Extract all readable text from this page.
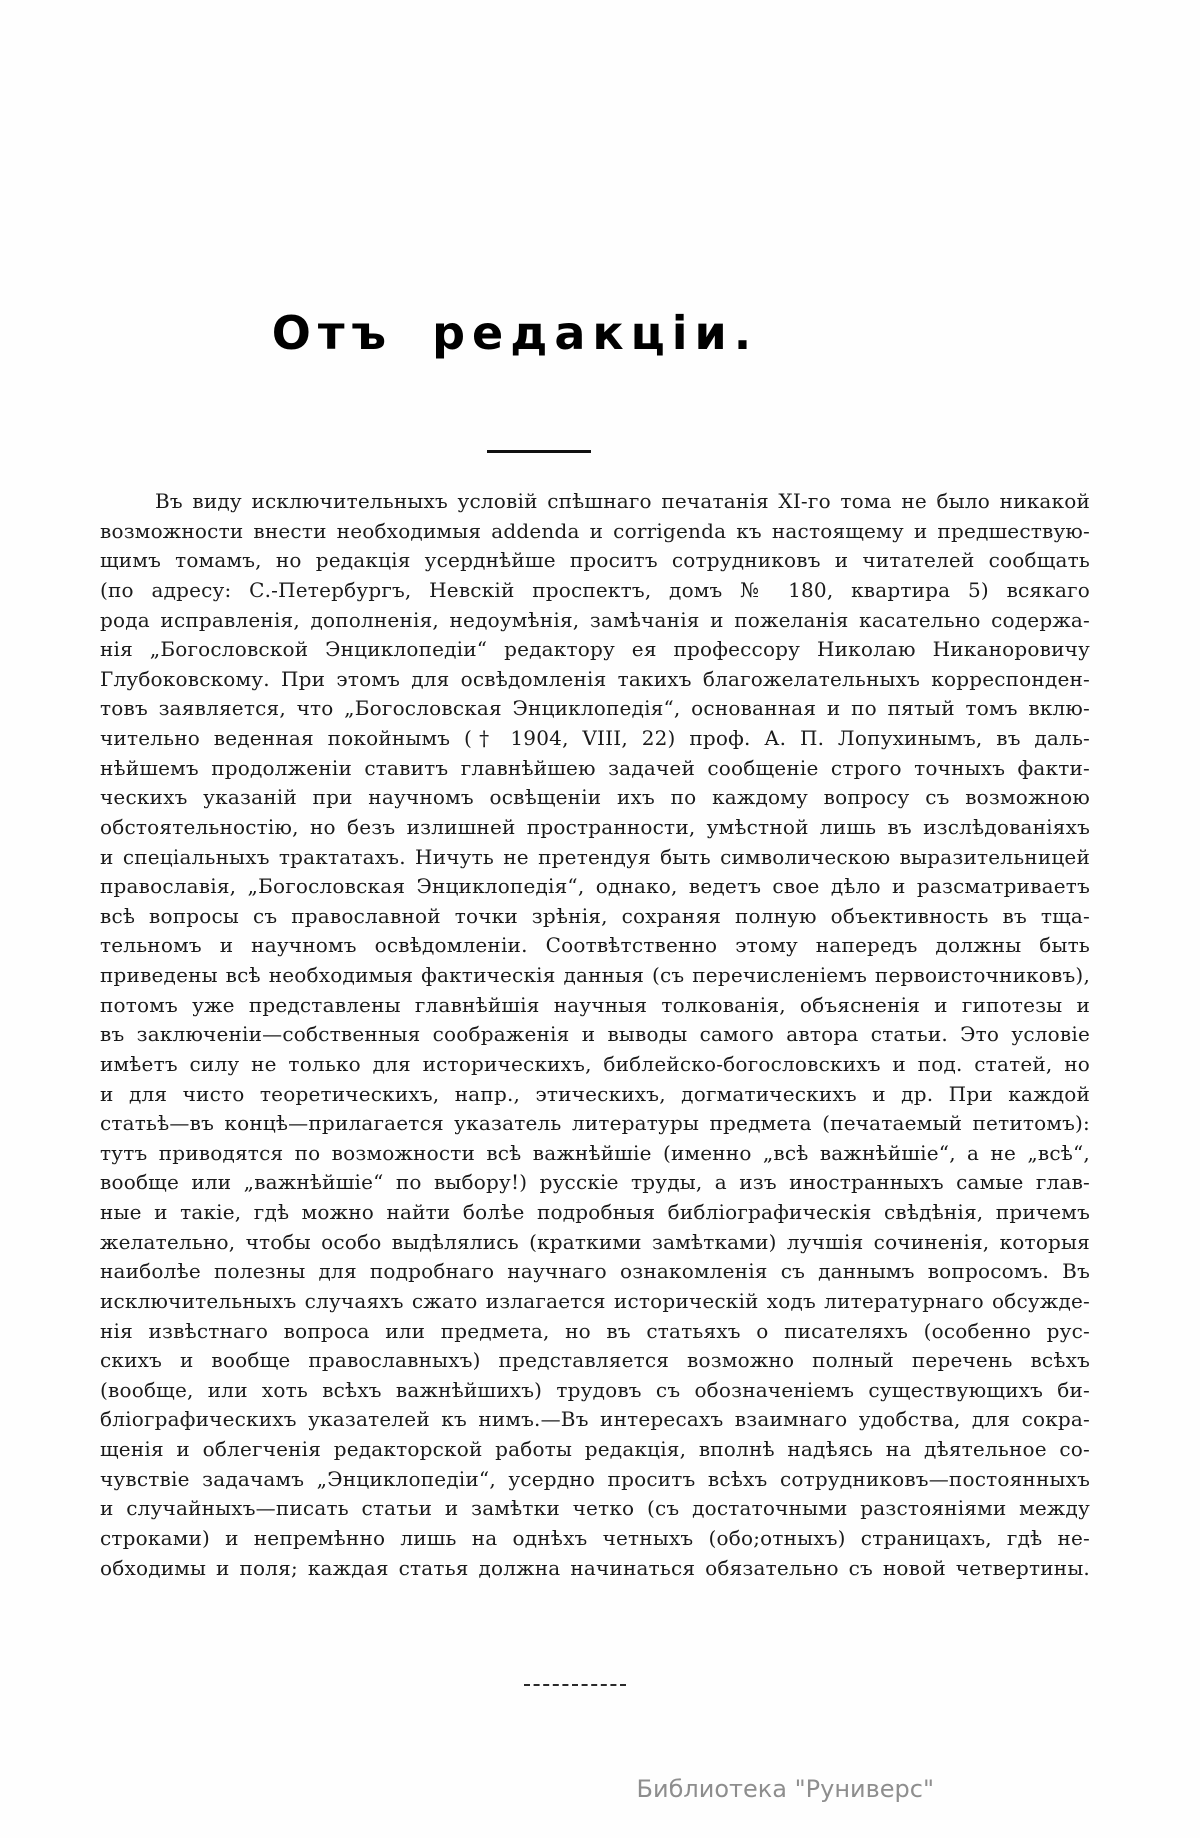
Отъ редакціи.
Въ виду исключительныхъ условій спѣшнаго печатанія XI-го тома не было никакой
возможности внести необходимыя addenda и corrigenda къ настоящему и предшествую-
щимъ томамъ, но редакція усерднѣйше проситъ сотрудниковъ и читателей сообщать
(по адресу: С.-Петербургъ, Невскій проспектъ, домъ № 180, квартира 5) всякаго
рода исправленія, дополненія, недоумѣнія, замѣчанія и пожеланія касательно содержа-
нія „Богословской Энциклопедіи“ редактору ея профессору Николаю Никаноровичу
Глубоковскому. При этомъ для освѣдомленія такихъ благожелательныхъ корреспонден-
товъ заявляется, что „Богословская Энциклопедія“, основанная и по пятый томъ вклю-
чительно веденная покойнымъ († 1904, VIII, 22) проф. А. П. Лопухинымъ, въ даль-
нѣйшемъ продолженіи ставитъ главнѣйшею задачей сообщеніе строго точныхъ факти-
ческихъ указаній при научномъ освѣщеніи ихъ по каждому вопросу съ возможною
обстоятельностію, но безъ излишней пространности, умѣстной лишь въ изслѣдованіяхъ
и спеціальныхъ трактатахъ. Ничуть не претендуя быть символическою выразительницей
православія, „Богословская Энциклопедія“, однако, ведетъ свое дѣло и разсматриваетъ
всѣ вопросы съ православной точки зрѣнія, сохраняя полную объективность въ тща-
тельномъ и научномъ освѣдомленіи. Соотвѣтственно этому напередъ должны быть
приведены всѣ необходимыя фактическія данныя (съ перечисленіемъ первоисточниковъ),
потомъ уже представлены главнѣйшія научныя толкованія, объясненія и гипотезы и
въ заключеніи—собственныя соображенія и выводы самого автора статьи. Это условіе
имѣетъ силу не только для историческихъ, библейско-богословскихъ и под. статей, но
и для чисто теоретическихъ, напр., этическихъ, догматическихъ и др. При каждой
статьѣ—въ концѣ—прилагается указатель литературы предмета (печатаемый петитомъ):
тутъ приводятся по возможности всѣ важнѣйшіе (именно „всѣ важнѣйшіе“, а не „всѣ“,
вообще или „важнѣйшіе“ по выбору!) русскіе труды, а изъ иностранныхъ самые глав-
ные и такіе, гдѣ можно найти болѣе подробныя библіографическія свѣдѣнія, причемъ
желательно, чтобы особо выдѣлялись (краткими замѣтками) лучшія сочиненія, которыя
наиболѣе полезны для подробнаго научнаго ознакомленія съ даннымъ вопросомъ. Въ
исключительныхъ случаяхъ сжато излагается историческій ходъ литературнаго обсужде-
нія извѣстнаго вопроса или предмета, но въ статьяхъ о писателяхъ (особенно рус-
скихъ и вообще православныхъ) представляется возможно полный перечень всѣхъ
(вообще, или хоть всѣхъ важнѣйшихъ) трудовъ съ обозначеніемъ существующихъ би-
бліографическихъ указателей къ нимъ.—Въ интересахъ взаимнаго удобства, для сокра-
щенія и облегченія редакторской работы редакція, вполнѣ надѣясь на дѣятельное со-
чувствіе задачамъ „Энциклопедіи“, усердно проситъ всѣхъ сотрудниковъ—постоянныхъ
и случайныхъ—писать статьи и замѣтки четко (съ достаточными разстояніями между
строками) и непремѣнно лишь на однѣхъ четныхъ (обо;отныхъ) страницахъ, гдѣ не-
обходимы и поля; каждая статья должна начинаться обязательно съ новой четвертины.
Библиотека "Руниверс"
